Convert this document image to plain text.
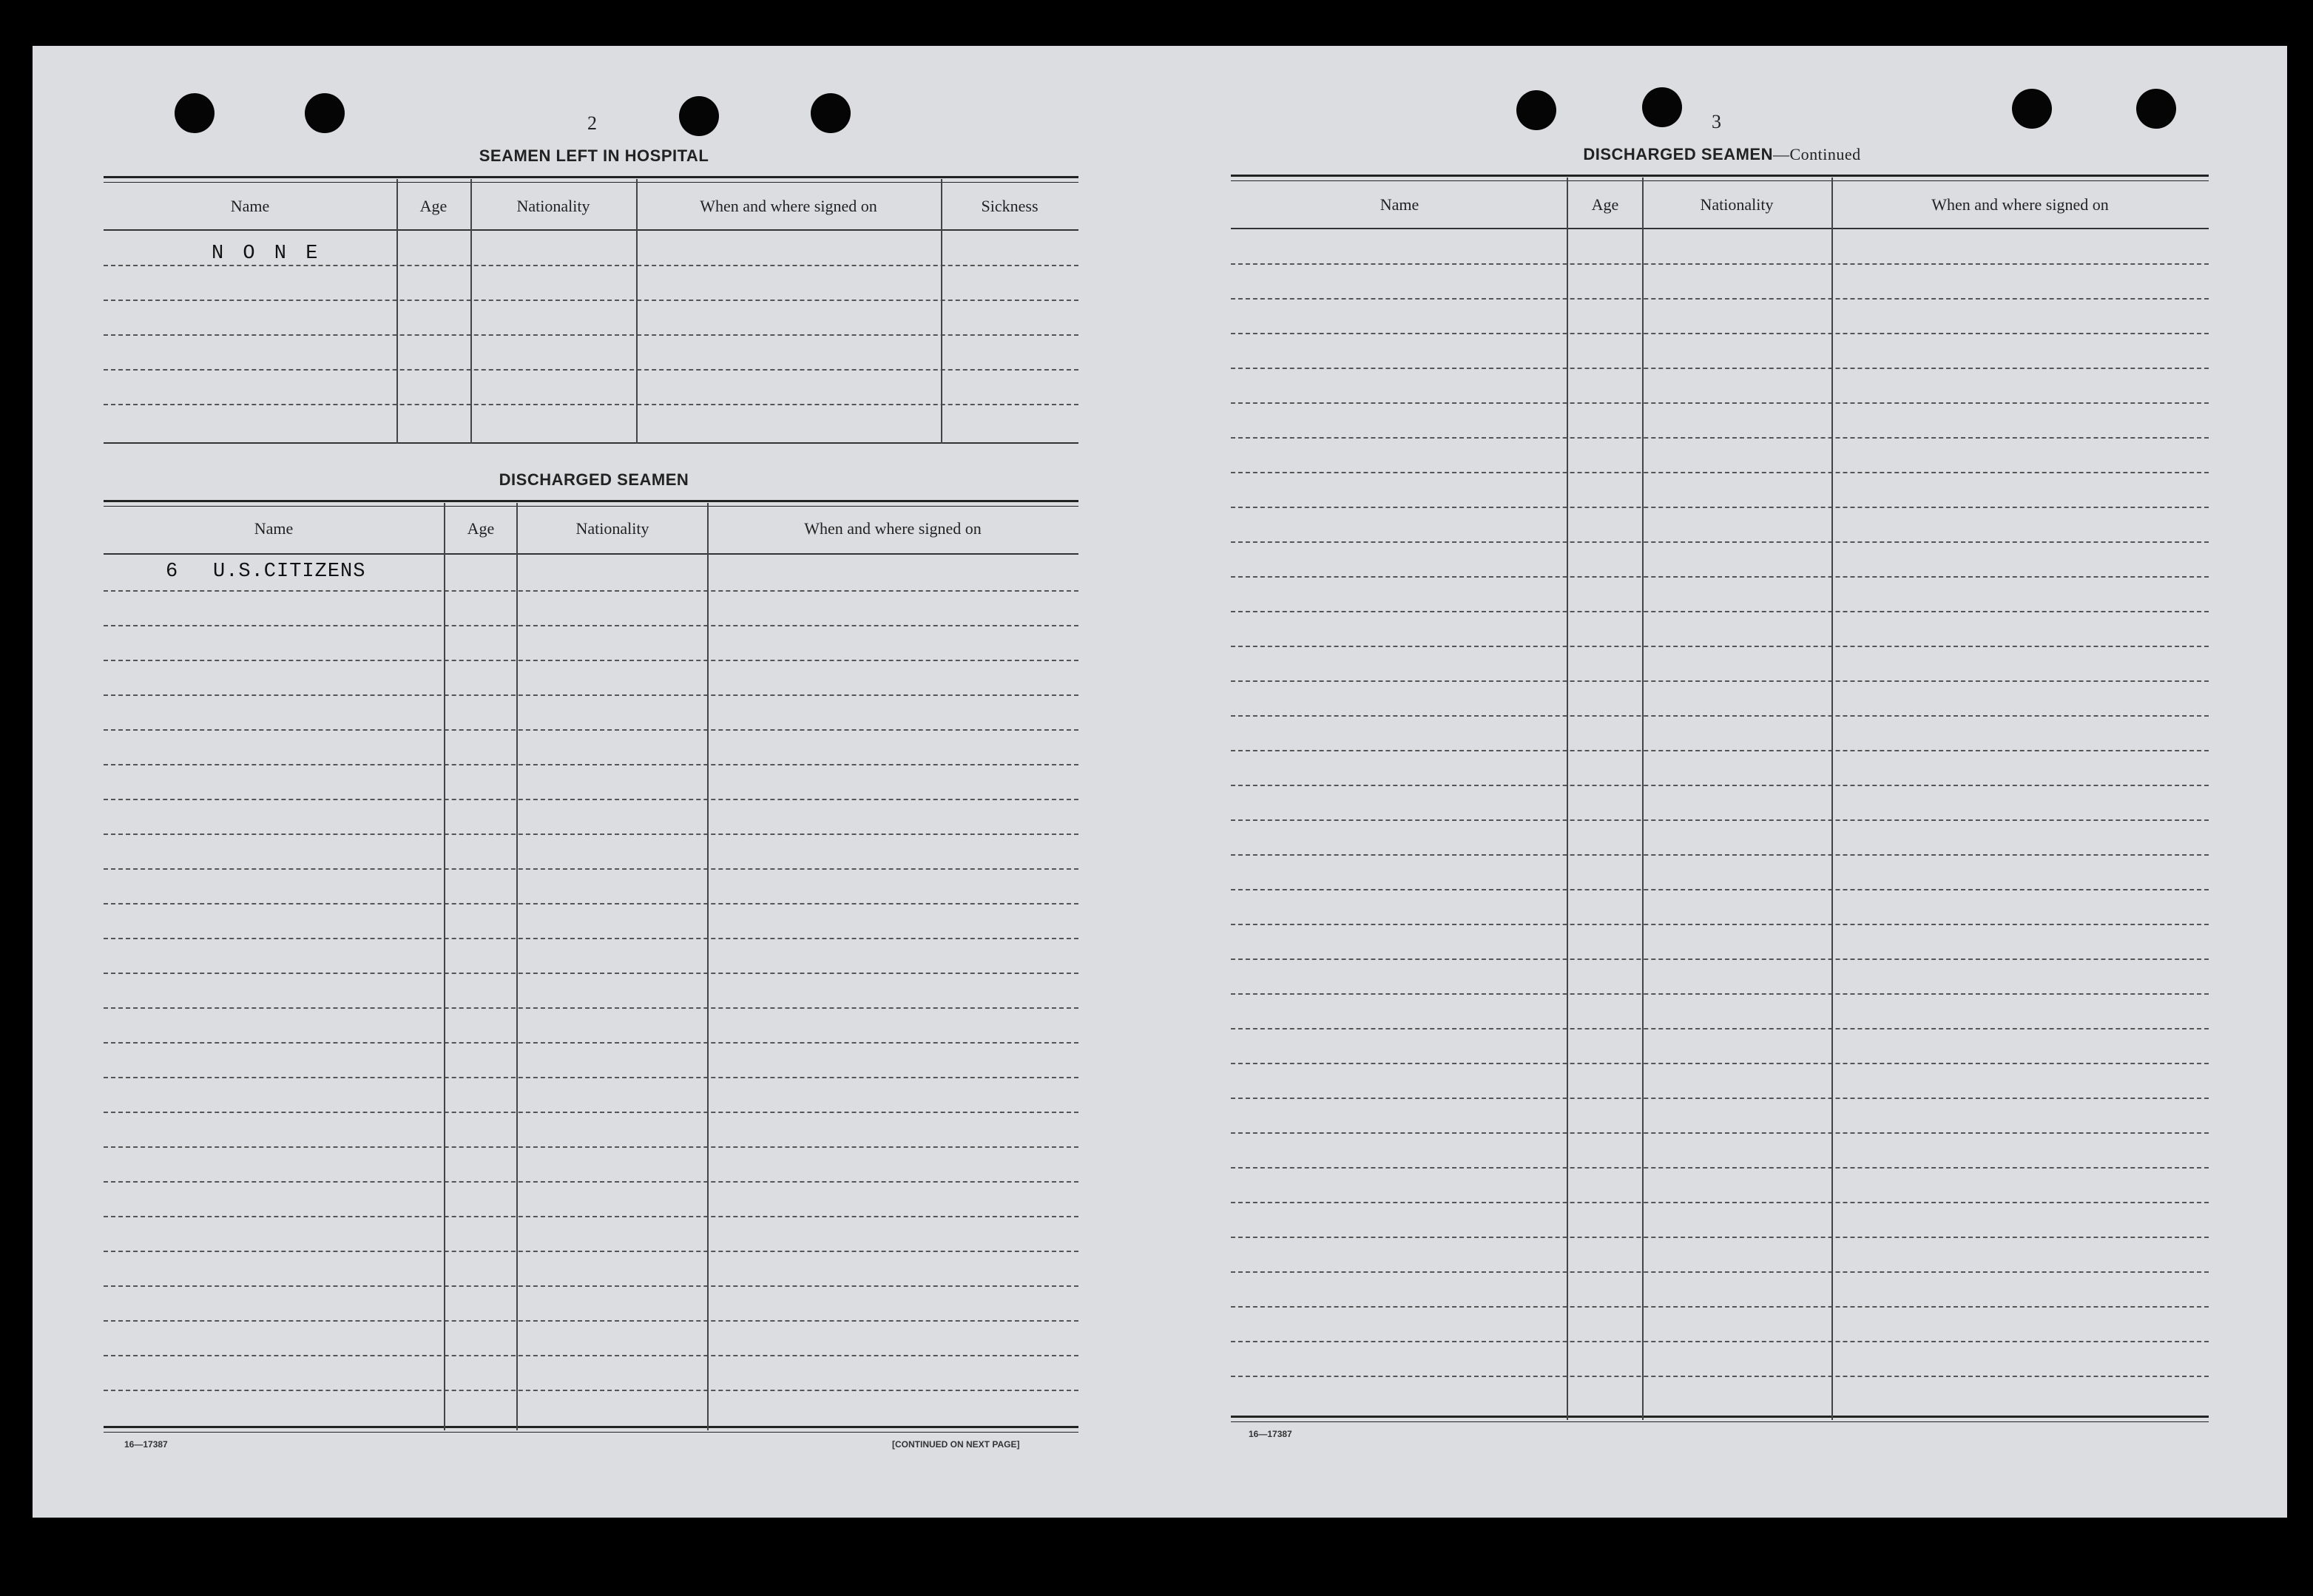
2
SEAMEN LEFT IN HOSPITAL
Name	Age	Nationality	When and where signed on	Sickness
N O N E
DISCHARGED SEAMEN
Name	Age	Nationality	When and where signed on
6 U.S.CITIZENS
16—17387	[CONTINUED ON NEXT PAGE]
3
DISCHARGED SEAMEN—Continued
Name	Age	Nationality	When and where signed on
16—17387
